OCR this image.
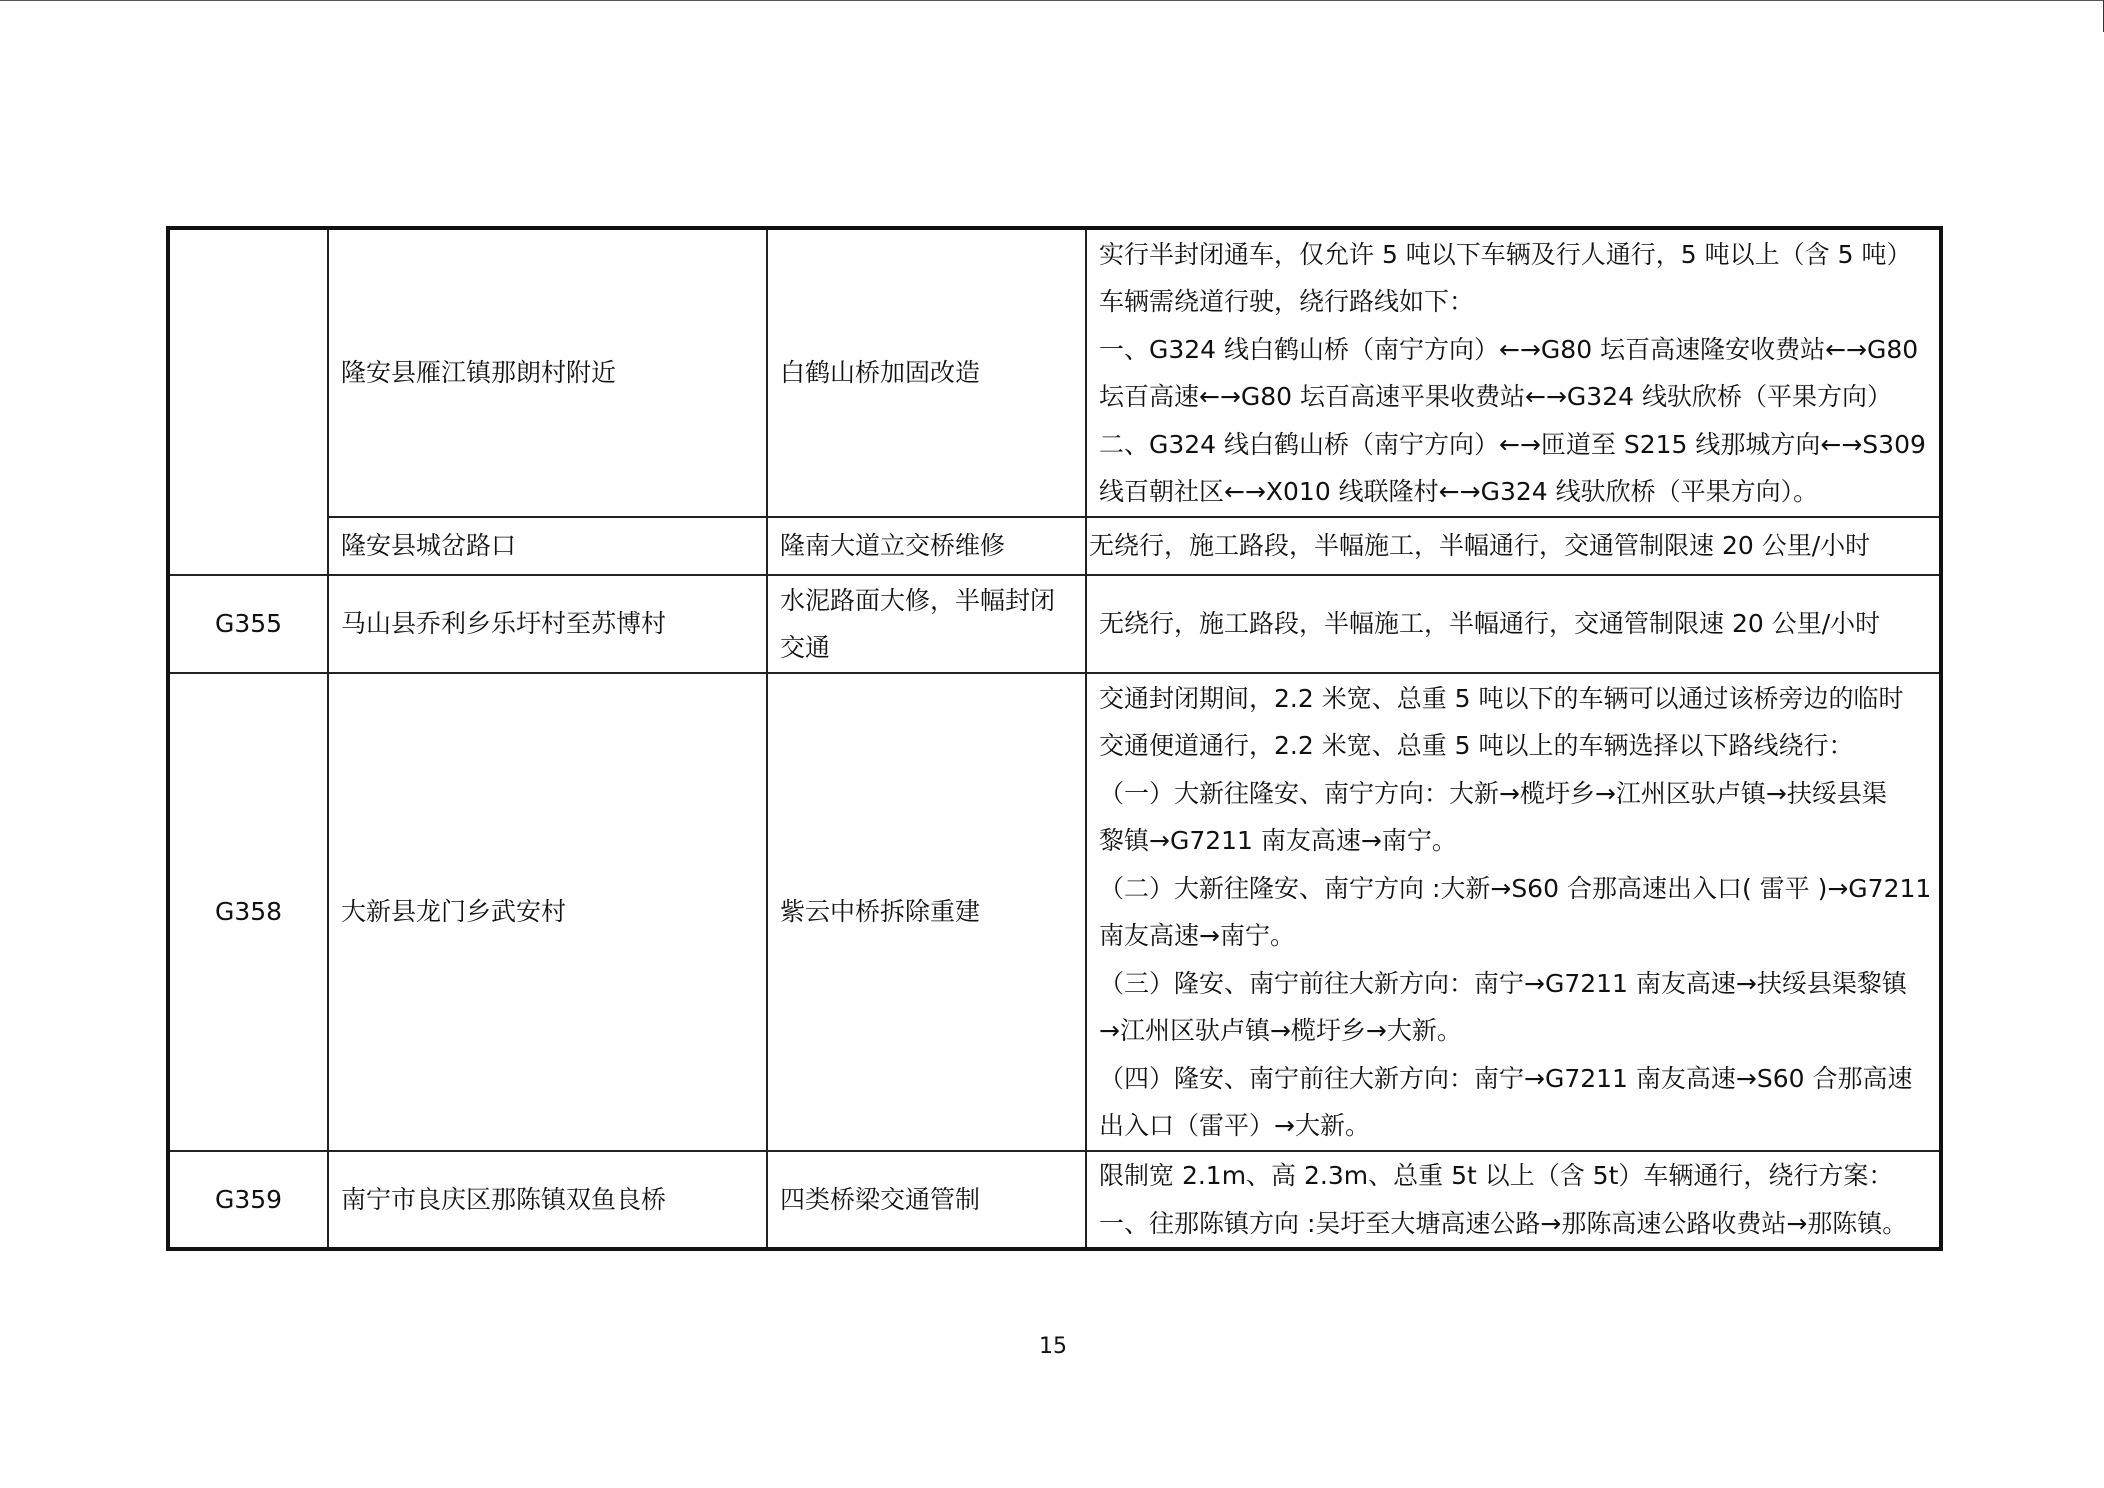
	隆安县雁江镇那朗村附近	白鹤山桥加固改造	
实行半封闭通车，仅允许 5 吨以下车辆及行人通行，5 吨以上（含 5 吨）
车辆需绕道行驶，绕行路线如下：
一、G324 线白鹤山桥（南宁方向）←→G80 坛百高速隆安收费站←→G80
坛百高速←→G80 坛百高速平果收费站←→G324 线驮欣桥（平果方向）
二、G324 线白鹤山桥（南宁方向）←→匝道至 S215 线那城方向←→S309
线百朝社区←→X010 线联隆村←→G324 线驮欣桥（平果方向）。

	隆安县城岔路口	隆南大道立交桥维修	无绕行，施工路段，半幅施工，半幅通行，交通管制限速 20 公里/小时

G355	马山县乔利乡乐圩村至苏博村	水泥路面大修，半幅封闭交通	无绕行，施工路段，半幅施工，半幅通行，交通管制限速 20 公里/小时

G358	大新县龙门乡武安村	紫云中桥拆除重建	
交通封闭期间，2.2 米宽、总重 5 吨以下的车辆可以通过该桥旁边的临时
交通便道通行，2.2 米宽、总重 5 吨以上的车辆选择以下路线绕行：
（一）大新往隆安、南宁方向：大新→榄圩乡→江州区驮卢镇→扶绥县渠
黎镇→G7211 南友高速→南宁。
（二）大新往隆安、南宁方向 :大新→S60 合那高速出入口( 雷平 )→G7211
南友高速→南宁。
（三）隆安、南宁前往大新方向：南宁→G7211 南友高速→扶绥县渠黎镇
→江州区驮卢镇→榄圩乡→大新。
（四）隆安、南宁前往大新方向：南宁→G7211 南友高速→S60 合那高速
出入口（雷平）→大新。

G359	南宁市良庆区那陈镇双鱼良桥	四类桥梁交通管制	限制宽 2.1m、高 2.3m、总重 5t 以上（含 5t）车辆通行，绕行方案：
一、往那陈镇方向 :吴圩至大塘高速公路→那陈高速公路收费站→那陈镇。
15
